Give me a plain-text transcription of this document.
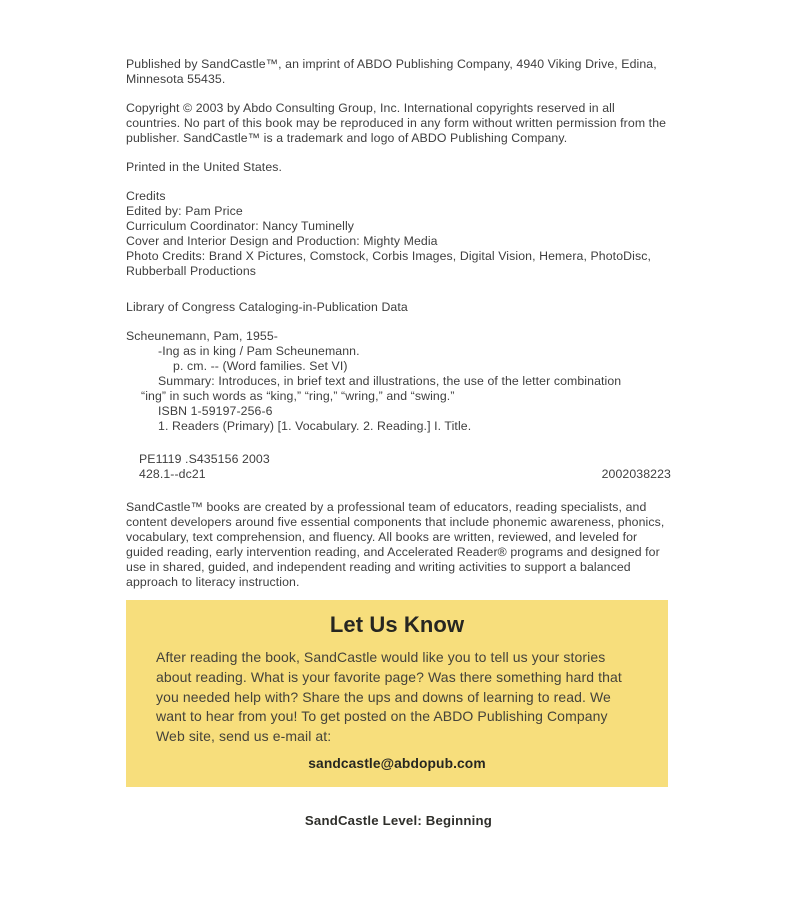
Published by SandCastle™, an imprint of ABDO Publishing Company, 4940 Viking Drive, Edina, Minnesota 55435.

Copyright © 2003 by Abdo Consulting Group, Inc. International copyrights reserved in all countries. No part of this book may be reproduced in any form without written permission from the publisher. SandCastle™ is a trademark and logo of ABDO Publishing Company.

Printed in the United States.

Credits
Edited by: Pam Price
Curriculum Coordinator: Nancy Tuminelly
Cover and Interior Design and Production: Mighty Media
Photo Credits: Brand X Pictures, Comstock, Corbis Images, Digital Vision, Hemera, PhotoDisc, Rubberball Productions

Library of Congress Cataloging-in-Publication Data

Scheunemann, Pam, 1955-
-Ing as in king / Pam Scheunemann.
p. cm. -- (Word families. Set VI)
Summary: Introduces, in brief text and illustrations, the use of the letter combination
“ing” in such words as “king,” “ring,” “wring,” and “swing.”
ISBN 1-59197-256-6
1. Readers (Primary) [1. Vocabulary. 2. Reading.] I. Title.
PE1119 .S435156 2003
428.1--dc21	2002038223

SandCastle™ books are created by a professional team of educators, reading specialists, and content developers around five essential components that include phonemic awareness, phonics, vocabulary, text comprehension, and fluency. All books are written, reviewed, and leveled for guided reading, early intervention reading, and Accelerated Reader® programs and designed for use in shared, guided, and independent reading and writing activities to support a balanced approach to literacy instruction.

Let Us Know
After reading the book, SandCastle would like you to tell us your stories about reading. What is your favorite page? Was there something hard that you needed help with? Share the ups and downs of learning to read. We want to hear from you! To get posted on the ABDO Publishing Company Web site, send us e-mail at:
sandcastle@abdopub.com
SandCastle Level: Beginning
